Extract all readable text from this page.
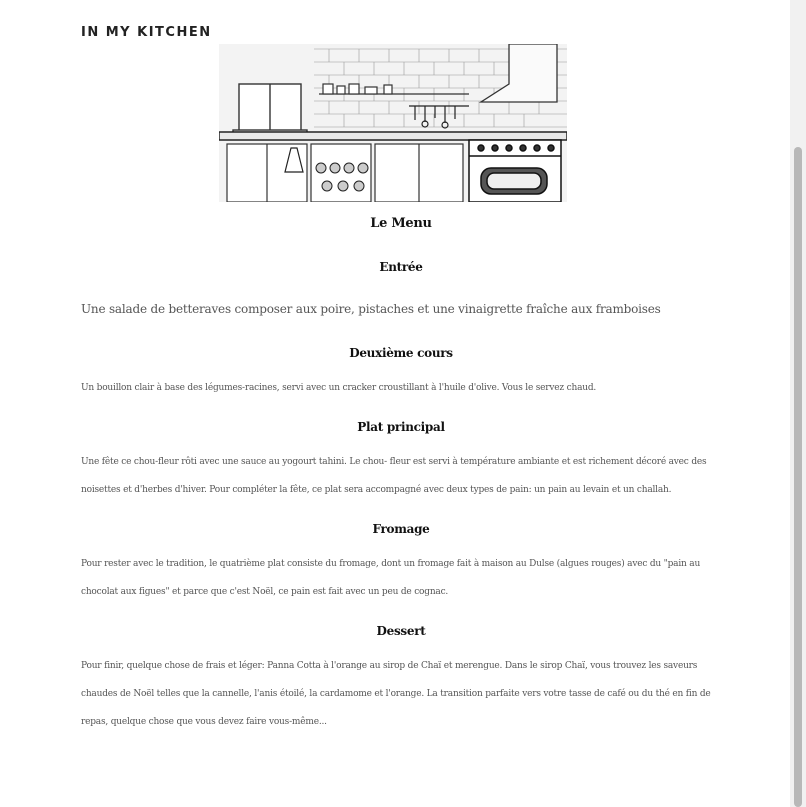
IN MY KITCHEN
Le Menu
Entrée

Une salade de betteraves composer aux poire, pistaches et une vinaigrette fraîche aux framboises

Deuxième cours

Un bouillon clair à base des légumes-racines, servi avec un cracker croustillant à l'huile d'olive. Vous le servez chaud.

Plat principal

Une fête ce chou-fleur rôti avec une sauce au yogourt tahini. Le chou- fleur est servi à température ambiante et est richement décoré avec des noisettes et d'herbes d'hiver. Pour compléter la fête, ce plat sera accompagné avec deux types de pain: un pain au levain et un challah.

Fromage

Pour rester avec le tradition, le quatrième plat consiste du fromage, dont un fromage fait à maison au Dulse (algues rouges) avec du "pain au chocolat aux figues" et parce que c'est Noël, ce pain est fait avec un peu de cognac.

Dessert

Pour finir, quelque chose de frais et léger: Panna Cotta à l'orange au sirop de Chaï et merengue. Dans le sirop Chaï, vous trouvez les saveurs chaudes de Noël telles que la cannelle, l'anis étoilé, la cardamome et l'orange. La transition parfaite vers votre tasse de café ou du thé en fin de repas, quelque chose que vous devez faire vous-même...
